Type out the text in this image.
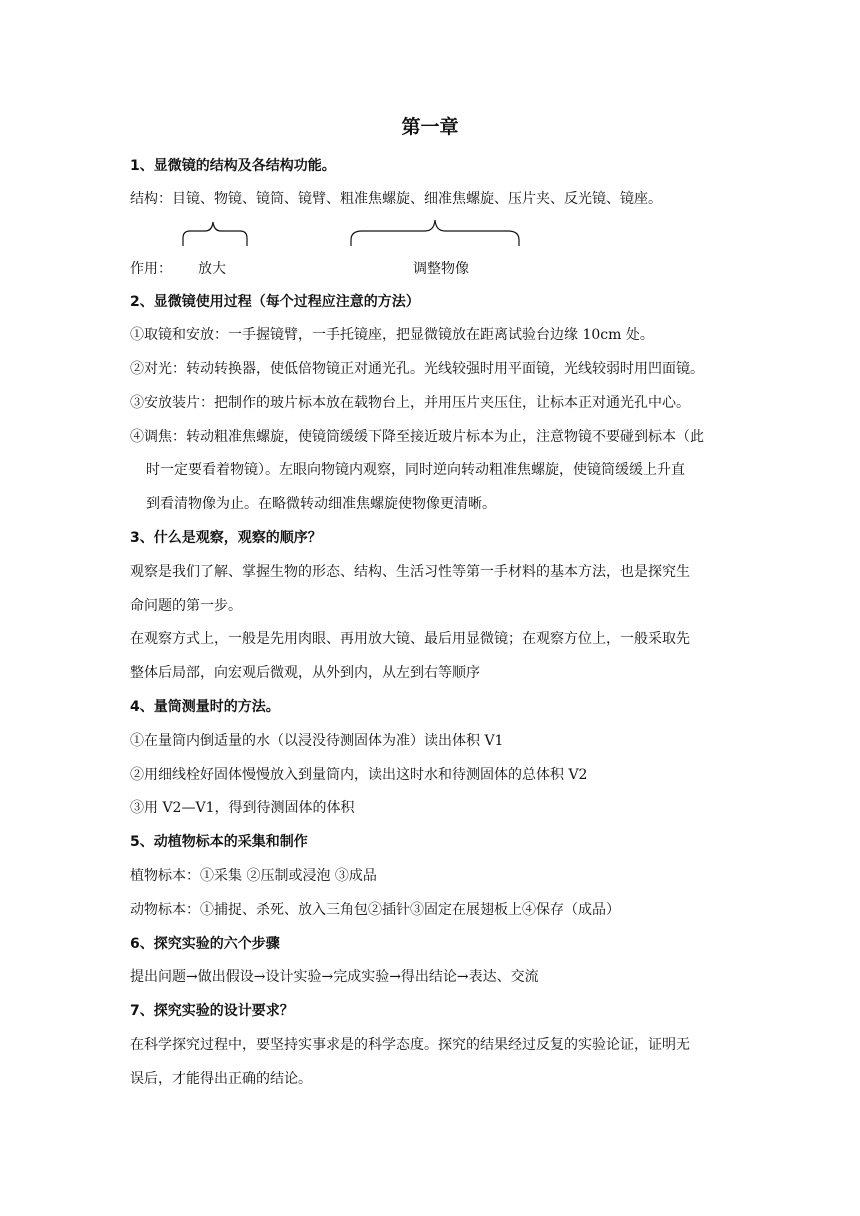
第一章
1、显微镜的结构及各结构功能。
结构：目镜、物镜、镜筒、镜臂、粗准焦螺旋、细准焦螺旋、压片夹、反光镜、镜座。
作用： 放大	调整物像
2、显微镜使用过程（每个过程应注意的方法）
①取镜和安放：一手握镜臂，一手托镜座，把显微镜放在距离试验台边缘 10cm 处。
②对光：转动转换器，使低倍物镜正对通光孔。光线较强时用平面镜，光线较弱时用凹面镜。
③安放装片：把制作的玻片标本放在载物台上，并用压片夹压住，让标本正对通光孔中心。
④调焦：转动粗准焦螺旋，使镜筒缓缓下降至接近玻片标本为止，注意物镜不要碰到标本（此
时一定要看着物镜）。左眼向物镜内观察，同时逆向转动粗准焦螺旋，使镜筒缓缓上升直
到看清物像为止。在略微转动细准焦螺旋使物像更清晰。
3、什么是观察，观察的顺序？
观察是我们了解、掌握生物的形态、结构、生活习性等第一手材料的基本方法，也是探究生
命问题的第一步。
在观察方式上，一般是先用肉眼、再用放大镜、最后用显微镜；在观察方位上，一般采取先
整体后局部，向宏观后微观，从外到内，从左到右等顺序
4、量筒测量时的方法。
①在量筒内倒适量的水（以浸没待测固体为准）读出体积 V1
②用细线栓好固体慢慢放入到量筒内，读出这时水和待测固体的总体积 V2
③用 V2—V1，得到待测固体的体积
5、动植物标本的采集和制作
植物标本：①采集 ②压制或浸泡 ③成品
动物标本：①捕捉、杀死、放入三角包②插针③固定在展翅板上④保存（成品）
6、探究实验的六个步骤
提出问题→做出假设→设计实验→完成实验→得出结论→表达、交流
7、探究实验的设计要求？
在科学探究过程中，要坚持实事求是的科学态度。探究的结果经过反复的实验论证，证明无
误后，才能得出正确的结论。
